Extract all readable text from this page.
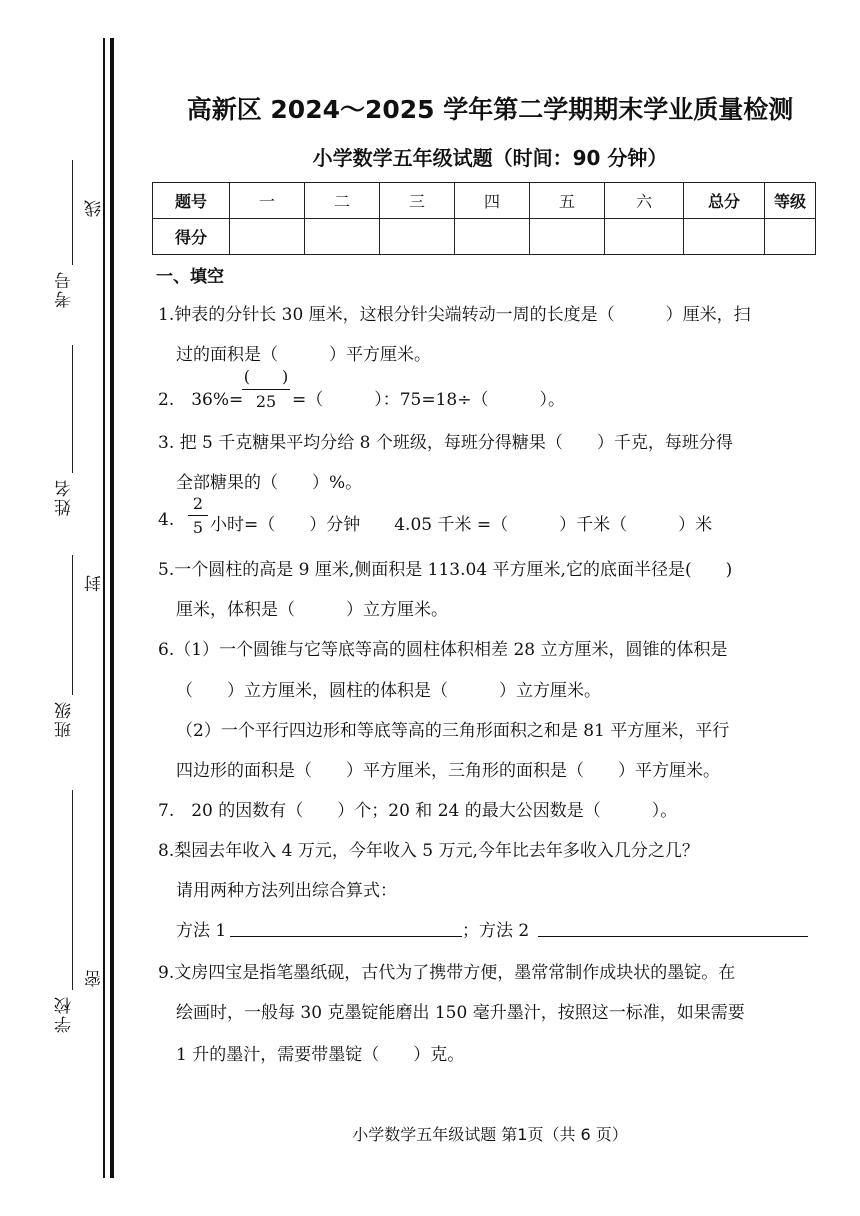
考号
姓名
班级
学校
线
封
密
高新区 2024～2025 学年第二学期期末学业质量检测
小学数学五年级试题（时间：90 分钟）
题号	一	二	三	四	五	六	总分	等级
得分								
一、填空
1.钟表的分针长 30 厘米，这根分针尖端转动一周的长度是（　　　）厘米，扫
过的面积是（　　　）平方厘米。
2.　36%=
(　　)
25 =（　　　）：75=18÷（　　　）。
3. 把 5 千克糖果平均分给 8 个班级，每班分得糖果（　　）千克，每班分得
全部糖果的（　　）%。
4.
2
5 小时=（　　）分钟　　4.05 千米 =（　　　）千米（　　　）米
5.一个圆柱的高是 9 厘米,侧面积是 113.04 平方厘米,它的底面半径是(　　)
厘米，体积是（　　　）立方厘米。
6.（1）一个圆锥与它等底等高的圆柱体积相差 28 立方厘米，圆锥的体积是
（　　）立方厘米，圆柱的体积是（　　　）立方厘米。
（2）一个平行四边形和等底等高的三角形面积之和是 81 平方厘米，平行
四边形的面积是（　　）平方厘米，三角形的面积是（　　）平方厘米。
7.　20 的因数有（　　）个；20 和 24 的最大公因数是（　　　）。
8.梨园去年收入 4 万元，今年收入 5 万元,今年比去年多收入几分之几？
请用两种方法列出综合算式：
方法 1	；方法 2
9.文房四宝是指笔墨纸砚，古代为了携带方便，墨常常制作成块状的墨锭。在
绘画时，一般每 30 克墨锭能磨出 150 毫升墨汁，按照这一标准，如果需要
1 升的墨汁，需要带墨锭（　　）克。
小学数学五年级试题 第1页（共 6 页）
